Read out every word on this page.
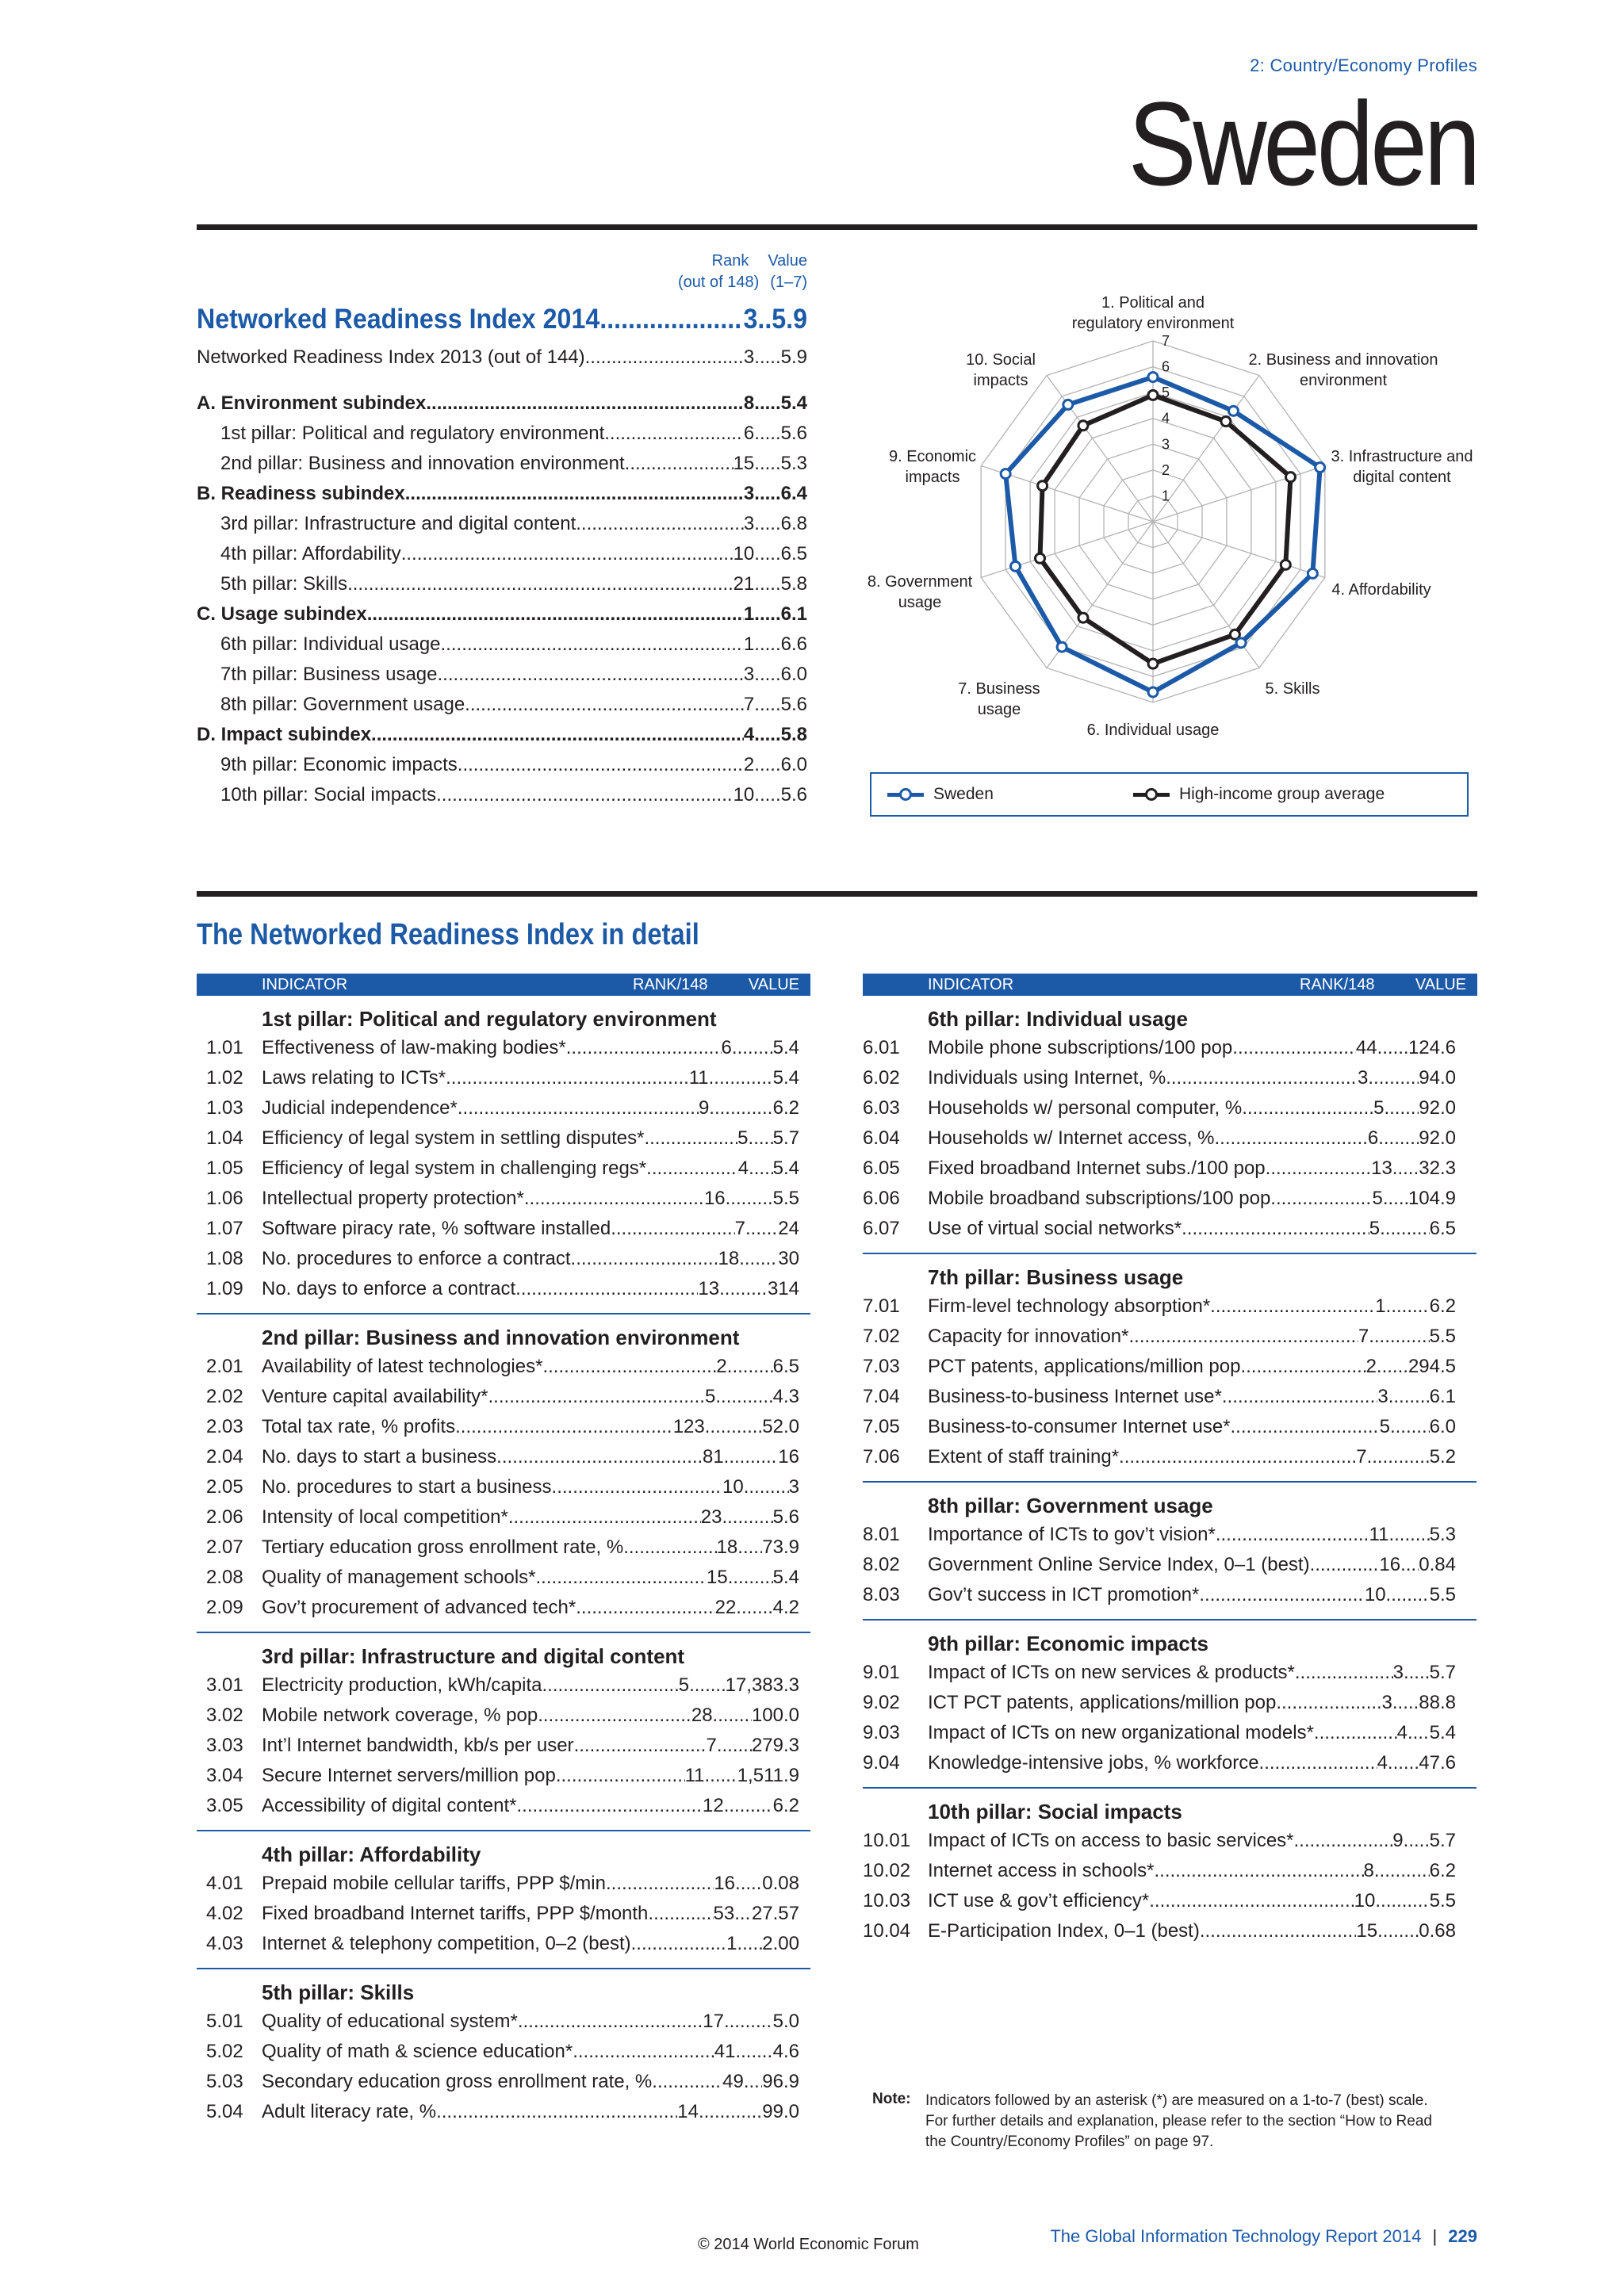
2: Country/Economy Profiles
Sweden
Rank Value
(out of 148) (1–7)
Networked Readiness Index 2014 .....	3 .. 5.9
Networked Readiness Index 2013 (out of 144) .....	3 ..... 5.9
A. Environment subindex .....	8 ..... 5.4
1st pillar: Political and regulatory environment .....	6 ..... 5.6
2nd pillar: Business and innovation environment .....	15 ..... 5.3
B. Readiness subindex .....	3 ..... 6.4
3rd pillar: Infrastructure and digital content .....	3 ..... 6.8
4th pillar: Affordability .....	10 ..... 6.5
5th pillar: Skills .....	21 ..... 5.8
C. Usage subindex .....	1 ..... 6.1
6th pillar: Individual usage .....	1 ..... 6.6
7th pillar: Business usage .....	3 ..... 6.0
8th pillar: Government usage .....	7 ..... 5.6
D. Impact subindex .....	4 ..... 5.8
9th pillar: Economic impacts .....	2 ..... 6.0
10th pillar: Social impacts .....	10 ..... 5.6
1
2
3
4
5
6
7
1. Political and regulatory environment
2. Business and innovation environment
3. Infrastructure and digital content
4. Affordability
5. Skills
6. Individual usage
7. Business usage
8. Government usage
9. Economic impacts
10. Social impacts
Sweden	High-income group average
The Networked Readiness Index in detail
INDICATOR	RANK/148	VALUE	INDICATOR	RANK/148	VALUE
1st pillar: Political and regulatory environment
1.01 Effectiveness of law-making bodies* .....	6 ..... 5.4
1.02 Laws relating to ICTs* .....	11 .....	5.4
1.03 Judicial independence* .....	9 .....	6.2
1.04 Efficiency of legal system in settling disputes* .....	5 ..... 5.7
1.05 Efficiency of legal system in challenging regs* .....	4 ..... 5.4
1.06 Intellectual property protection* .....	16 ..... 5.5
1.07 Software piracy rate, % software installed .....	7 ..... 24
1.08 No. procedures to enforce a contract .....	18 ..... 30
1.09 No. days to enforce a contract .....	13 .....	314
2nd pillar: Business and innovation environment
2.01 Availability of latest technologies* .....	2 ..... 6.5
2.02 Venture capital availability* .....	5 .....	4.3
2.03 Total tax rate, % profits .....	123 .....	52.0
2.04 No. days to start a business .....	81 .....	16
2.05 No. procedures to start a business .....	10 ..... 3
2.06 Intensity of local competition* .....	23 .....	5.6
2.07 Tertiary education gross enrollment rate, % .....	18 ..... 73.9
2.08 Quality of management schools* .....	15 ..... 5.4
2.09 Gov’t procurement of advanced tech* .....	22 ..... 4.2
3rd pillar: Infrastructure and digital content
3.01 Electricity production, kWh/capita .....	5 ..... 17,383.3
3.02 Mobile network coverage, % pop. .....	28 ..... 100.0
3.03 Int’l Internet bandwidth, kb/s per user .....	7 ..... 279.3
3.04 Secure Internet servers/million pop. .....	11 ..... 1,511.9
3.05 Accessibility of digital content* .....	12 .....	6.2
4th pillar: Affordability
4.01 Prepaid mobile cellular tariffs, PPP $/min. .....	16 ..... 0.08
4.02 Fixed broadband Internet tariffs, PPP $/month .....	53 ..... 27.57
4.03 Internet & telephony competition, 0–2 (best) .....	1 ..... 2.00
5th pillar: Skills
5.01 Quality of educational system* .....	17 .....	5.0
5.02 Quality of math & science education* .....	41 ..... 4.6
5.03 Secondary education gross enrollment rate, % .....	49 ..... 96.9
5.04 Adult literacy rate, % .....	14 .....	99.0
6th pillar: Individual usage
6.01 Mobile phone subscriptions/100 pop. .....	44 ..... 124.6
6.02 Individuals using Internet, % .....	3 .....	94.0
6.03 Households w/ personal computer, % .....	5 ..... 92.0
6.04 Households w/ Internet access, % .....	6 ..... 92.0
6.05 Fixed broadband Internet subs./100 pop. .....	13 ..... 32.3
6.06 Mobile broadband subscriptions/100 pop. .....	5 ..... 104.9
6.07 Use of virtual social networks* .....	5 .....	6.5
7th pillar: Business usage
7.01 Firm-level technology absorption* .....	1 ..... 6.2
7.02 Capacity for innovation* .....	7 .....	5.5
7.03 PCT patents, applications/million pop. .....	2 ..... 294.5
7.04 Business-to-business Internet use* .....	3 ..... 6.1
7.05 Business-to-consumer Internet use* .....	5 ..... 6.0
7.06 Extent of staff training* .....	7 .....	5.2
8th pillar: Government usage
8.01 Importance of ICTs to gov’t vision* .....	11 ..... 5.3
8.02 Government Online Service Index, 0–1 (best) .....	16 ..... 0.84
8.03 Gov’t success in ICT promotion* .....	10 ..... 5.5
9th pillar: Economic impacts
9.01 Impact of ICTs on new services & products* .....	3 ..... 5.7
9.02 ICT PCT patents, applications/million pop. .....	3 ..... 88.8
9.03 Impact of ICTs on new organizational models* .....	4 ..... 5.4
9.04 Knowledge-intensive jobs, % workforce .....	4 ..... 47.6
10th pillar: Social impacts
10.01 Impact of ICTs on access to basic services* .....	9 ..... 5.7
10.02 Internet access in schools* .....	8 .....	6.2
10.03 ICT use & gov’t efficiency* .....	10 .....	5.5
10.04 E-Participation Index, 0–1 (best) .....	15 ..... 0.68
Note: Indicators followed by an asterisk (*) are measured on a 1-to-7 (best) scale. For further details and explanation, please refer to the section “How to Read the Country/Economy Profiles” on page 97.
The Global Information Technology Report 2014 | 229
© 2014 World Economic Forum
